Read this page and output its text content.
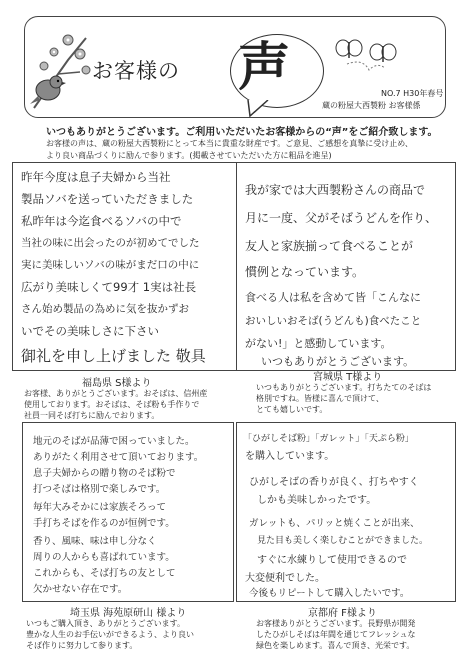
お客様の 声	NO.7 H30年春号
蔵の粉屋大西製粉 お客様係
いつもありがとうございます。ご利用いただいたお客様からの“声”をご紹介致します。
お客様の声は、蔵の粉屋大西製粉にとって本当に貴重な財産です。ご意見、ご感想を真摯に受け止め、
より良い商品づくりに励んで参ります。(掲載させていただいた方に粗品を進呈)
昨年今度は息子夫婦から当社
製品ソバを送っていただきました
私昨年は今迄食べるソバの中で
当社の味に出会ったのが初めてでした
実に美味しいソバの味がまだ口の中に
広がり美味しくて99才 1実は社長
さん始め製品の為めに気を抜かずお
いでその美味しさに下さい
御礼を申し上げました 敬具
我が家では大西製粉さんの商品で
月に一度、父がそばうどんを作り、
友人と家族揃って食べることが
慣例となっています。
食べる人は私を含めて皆「こんなに
おいしいおそば(うどんも)食べたこと
がない!」と感動しています。
いつもありがとうございます。
福島県 S様より
お客様、ありがとうございます。おそばは、信州産
使用しております。おそばは、そば粉も手作りで
社員一同そば打ちに励んでおります。
宮城県 T様より
いつもありがとうございます。打ちたてのそばは
格別ですね。皆様に喜んで頂けて、
とても嬉しいです。
地元のそばが品薄で困っていました。
ありがたく利用させて頂いております。
息子夫婦からの贈り物のそば粉で
打つそばは格別で楽しみです。
毎年大みそかには家族そろって
手打ちそばを作るのが恒例です。
香り、風味、味は申し分なく
周りの人からも喜ばれています。
これからも、そば打ちの友として
欠かせない存在です。
「ひがしそば粉」「ガレット」「天ぷら粉」
を購入しています。
ひがしそばの香りが良く、打ちやすく
しかも美味しかったです。
ガレットも、パリッと焼くことが出来、
見た目も美しく楽しむことができました。
すぐに水練りして使用できるので
大変便利でした。
今後もリピートして購入したいです。
埼玉県 海苑原研山 様より
いつもご購入頂き、ありがとうございます。
豊かな人生のお手伝いができるよう、より良い
そば作りに努力して参ります。
京都府 F様より
お客様ありがとうございます。長野県が開発
したひがしそばは年間を通じてフレッシュな
緑色を楽しめます。喜んで頂き、光栄です。
